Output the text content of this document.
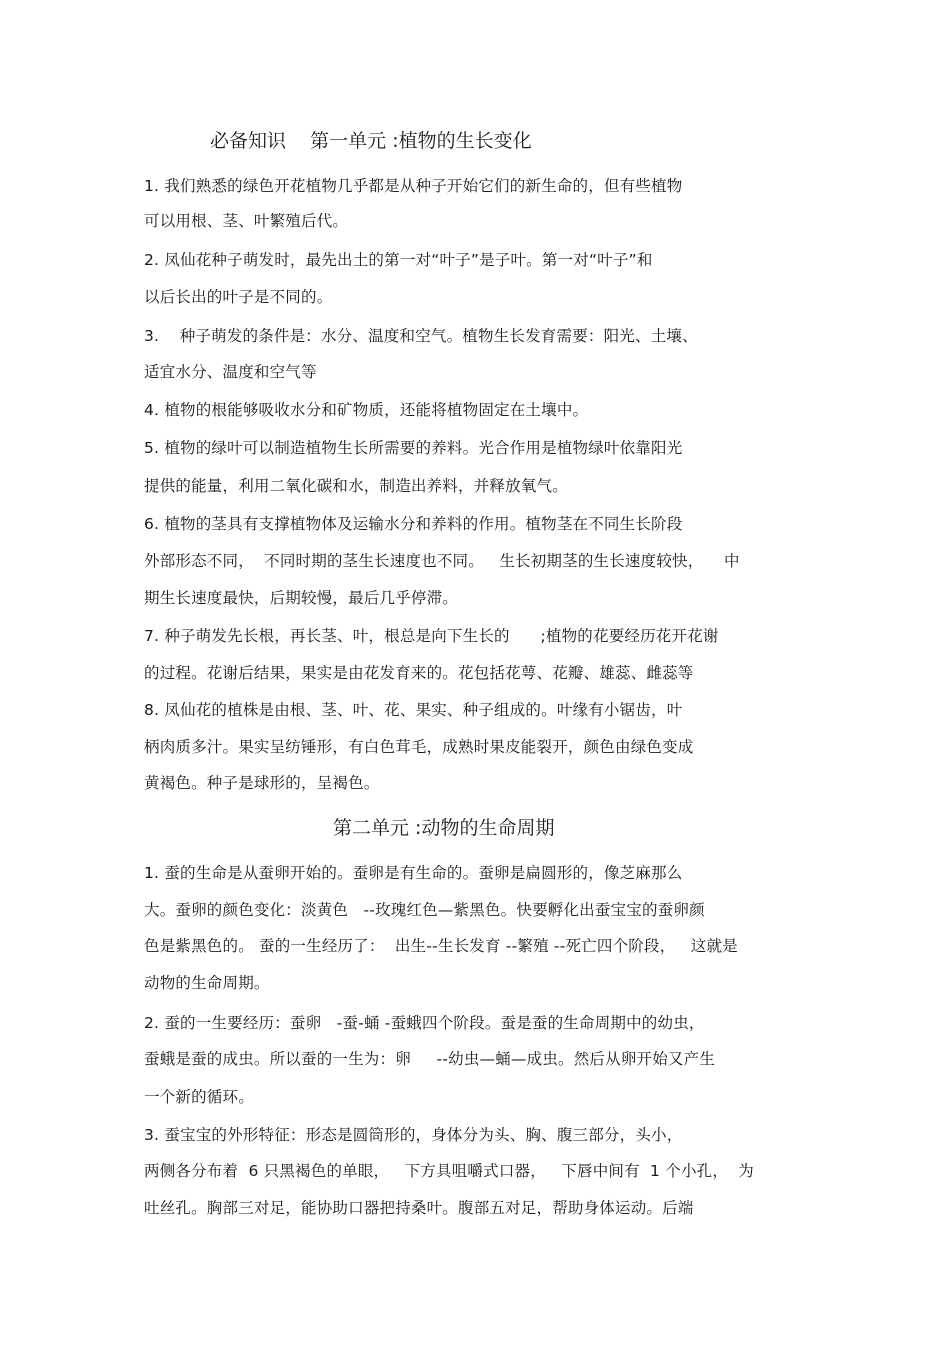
必备知识    第一单元 :植物的生长变化
1. 我们熟悉的绿色开花植物几乎都是从种子开始它们的新生命的，但有些植物
可以用根、茎、叶繁殖后代。
2. 凤仙花种子萌发时，最先出土的第一对“叶子”是子叶。第一对“叶子”和
以后长出的叶子是不同的。
3.    种子萌发的条件是：水分、温度和空气。植物生长发育需要：阳光、土壤、
适宜水分、温度和空气等
4. 植物的根能够吸收水分和矿物质，还能将植物固定在土壤中。
5. 植物的绿叶可以制造植物生长所需要的养料。光合作用是植物绿叶依靠阳光
提供的能量，利用二氧化碳和水，制造出养料，并释放氧气。
6. 植物的茎具有支撑植物体及运输水分和养料的作用。植物茎在不同生长阶段
外部形态不同，  不同时期的茎生长速度也不同。   生长初期茎的生长速度较快，    中
期生长速度最快，后期较慢，最后几乎停滞。
7. 种子萌发先长根，再长茎、叶，根总是向下生长的      ;植物的花要经历花开花谢
的过程。花谢后结果，果实是由花发育来的。花包括花萼、花瓣、雄蕊、雌蕊等
8. 凤仙花的植株是由根、茎、叶、花、果实、种子组成的。叶缘有小锯齿，叶
柄肉质多汁。果实呈纺锤形，有白色茸毛，成熟时果皮能裂开，颜色由绿色变成
黄褐色。种子是球形的，呈褐色。
第二单元 :动物的生命周期
1. 蚕的生命是从蚕卵开始的。蚕卵是有生命的。蚕卵是扁圆形的，像芝麻那么
大。蚕卵的颜色变化：淡黄色   --玫瑰红色—紫黑色。快要孵化出蚕宝宝的蚕卵颜
色是紫黑色的。 蚕的一生经历了：  出生--生长发育 --繁殖 --死亡四个阶段，   这就是
动物的生命周期。
2. 蚕的一生要经历：蚕卵   -蚕-蛹 -蚕蛾四个阶段。蚕是蚕的生命周期中的幼虫，
蚕蛾是蚕的成虫。所以蚕的一生为：卵     --幼虫—蛹—成虫。然后从卵开始又产生
一个新的循环。
3. 蚕宝宝的外形特征：形态是圆筒形的，身体分为头、胸、腹三部分，头小，
两侧各分布着  6 只黑褐色的单眼，   下方具咀嚼式口器，   下唇中间有  1 个小孔，  为
吐丝孔。胸部三对足，能协助口器把持桑叶。腹部五对足，帮助身体运动。后端
